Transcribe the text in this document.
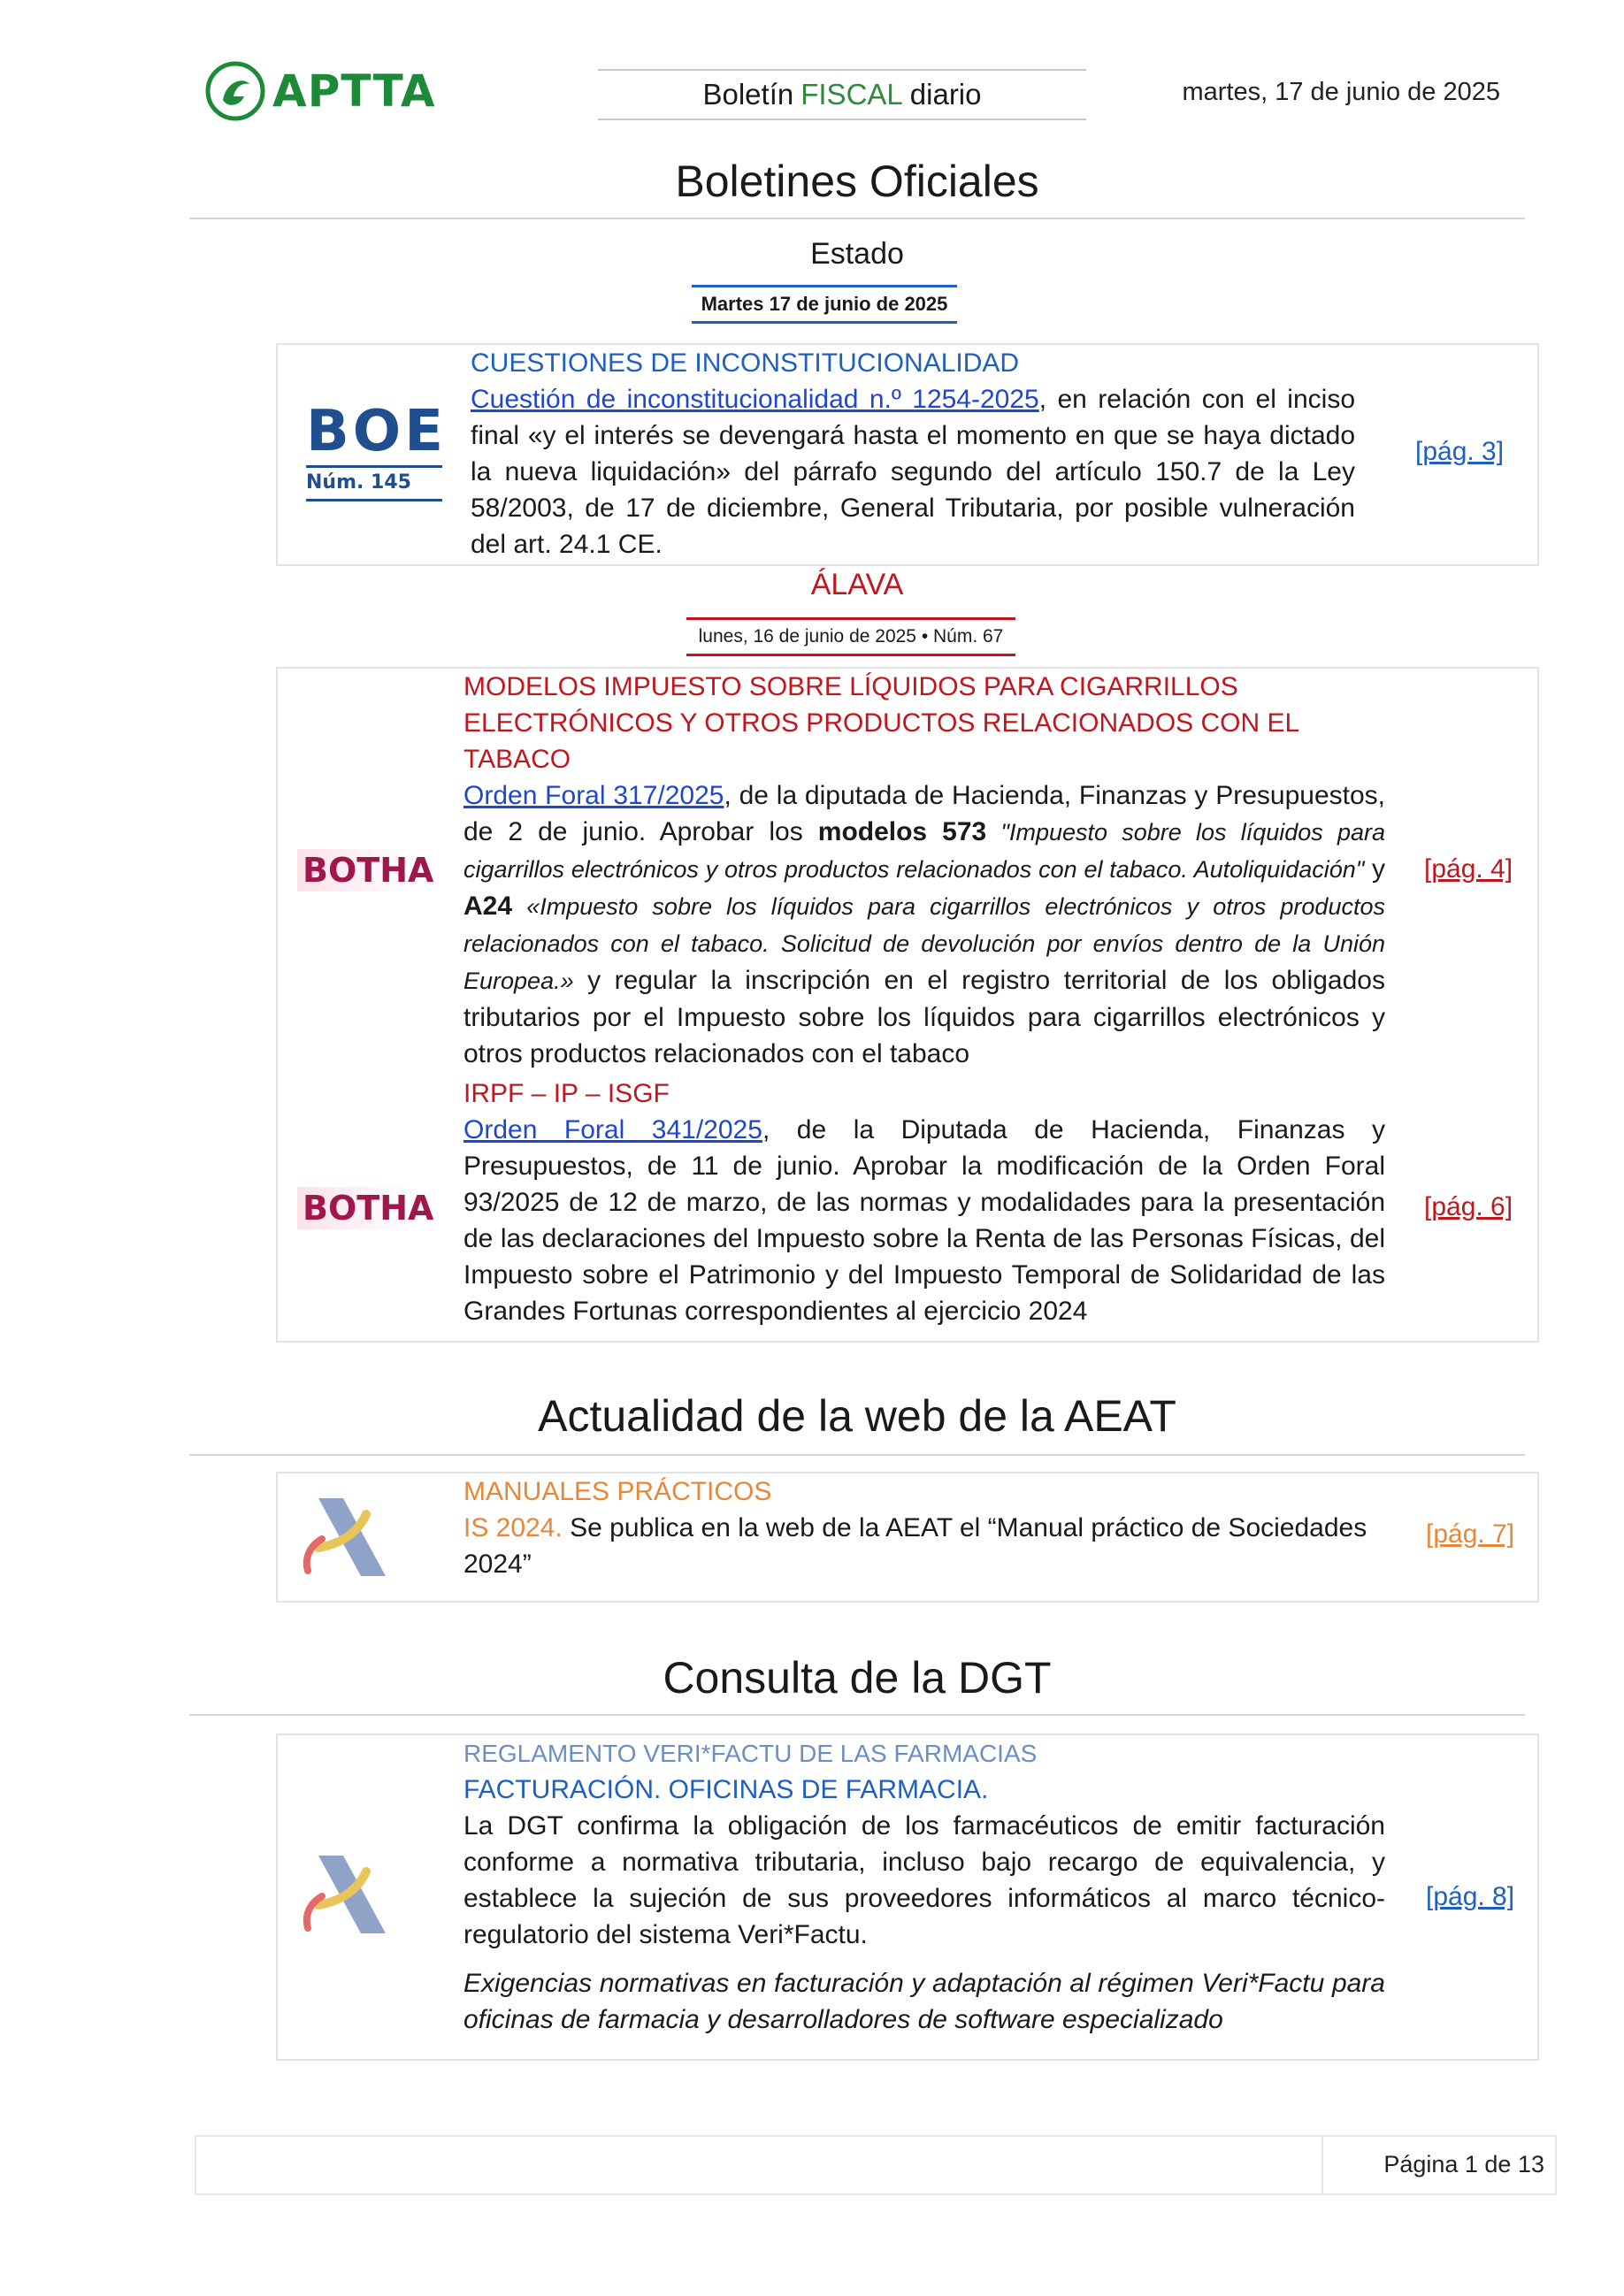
APTTA	Boletín FISCAL diario	martes, 17 de junio de 2025
Boletines Oficiales
Estado
Martes 17 de junio de 2025
BOE
Núm. 145
CUESTIONES DE INCONSTITUCIONALIDAD
Cuestión de inconstitucionalidad n.º 1254-2025, en relación con el inciso final «y el interés se devengará hasta el momento en que se haya dictado la nueva liquidación» del párrafo segundo del artículo 150.7 de la Ley 58/2003, de 17 de diciembre, General Tributaria, por posible vulneración del art. 24.1 CE.
[pág. 3]
ÁLAVA
lunes, 16 de junio de 2025 • Núm. 67
BOTHA
MODELOS IMPUESTO SOBRE LÍQUIDOS PARA CIGARRILLOS ELECTRÓNICOS Y OTROS PRODUCTOS RELACIONADOS CON EL TABACO
Orden Foral 317/2025, de la diputada de Hacienda, Finanzas y Presupuestos, de 2 de junio. Aprobar los modelos 573 "Impuesto sobre los líquidos para cigarrillos electrónicos y otros productos relacionados con el tabaco. Autoliquidación" y A24 «Impuesto sobre los líquidos para cigarrillos electrónicos y otros productos relacionados con el tabaco. Solicitud de devolución por envíos dentro de la Unión Europea.» y regular la inscripción en el registro territorial de los obligados tributarios por el Impuesto sobre los líquidos para cigarrillos electrónicos y otros productos relacionados con el tabaco
[pág. 4]
BOTHA
IRPF – IP – ISGF
Orden Foral 341/2025, de la Diputada de Hacienda, Finanzas y Presupuestos, de 11 de junio. Aprobar la modificación de la Orden Foral 93/2025 de 12 de marzo, de las normas y modalidades para la presentación de las declaraciones del Impuesto sobre la Renta de las Personas Físicas, del Impuesto sobre el Patrimonio y del Impuesto Temporal de Solidaridad de las Grandes Fortunas correspondientes al ejercicio 2024
[pág. 6]
Actualidad de la web de la AEAT
MANUALES PRÁCTICOS
IS 2024. Se publica en la web de la AEAT el “Manual práctico de Sociedades 2024”
[pág. 7]
Consulta de la DGT
REGLAMENTO VERI*FACTU DE LAS FARMACIAS
FACTURACIÓN. OFICINAS DE FARMACIA.
La DGT confirma la obligación de los farmacéuticos de emitir facturación conforme a normativa tributaria, incluso bajo recargo de equivalencia, y establece la sujeción de sus proveedores informáticos al marco técnico-regulatorio del sistema Veri*Factu.
Exigencias normativas en facturación y adaptación al régimen Veri*Factu para oficinas de farmacia y desarrolladores de software especializado
[pág. 8]
Página 1 de 13
